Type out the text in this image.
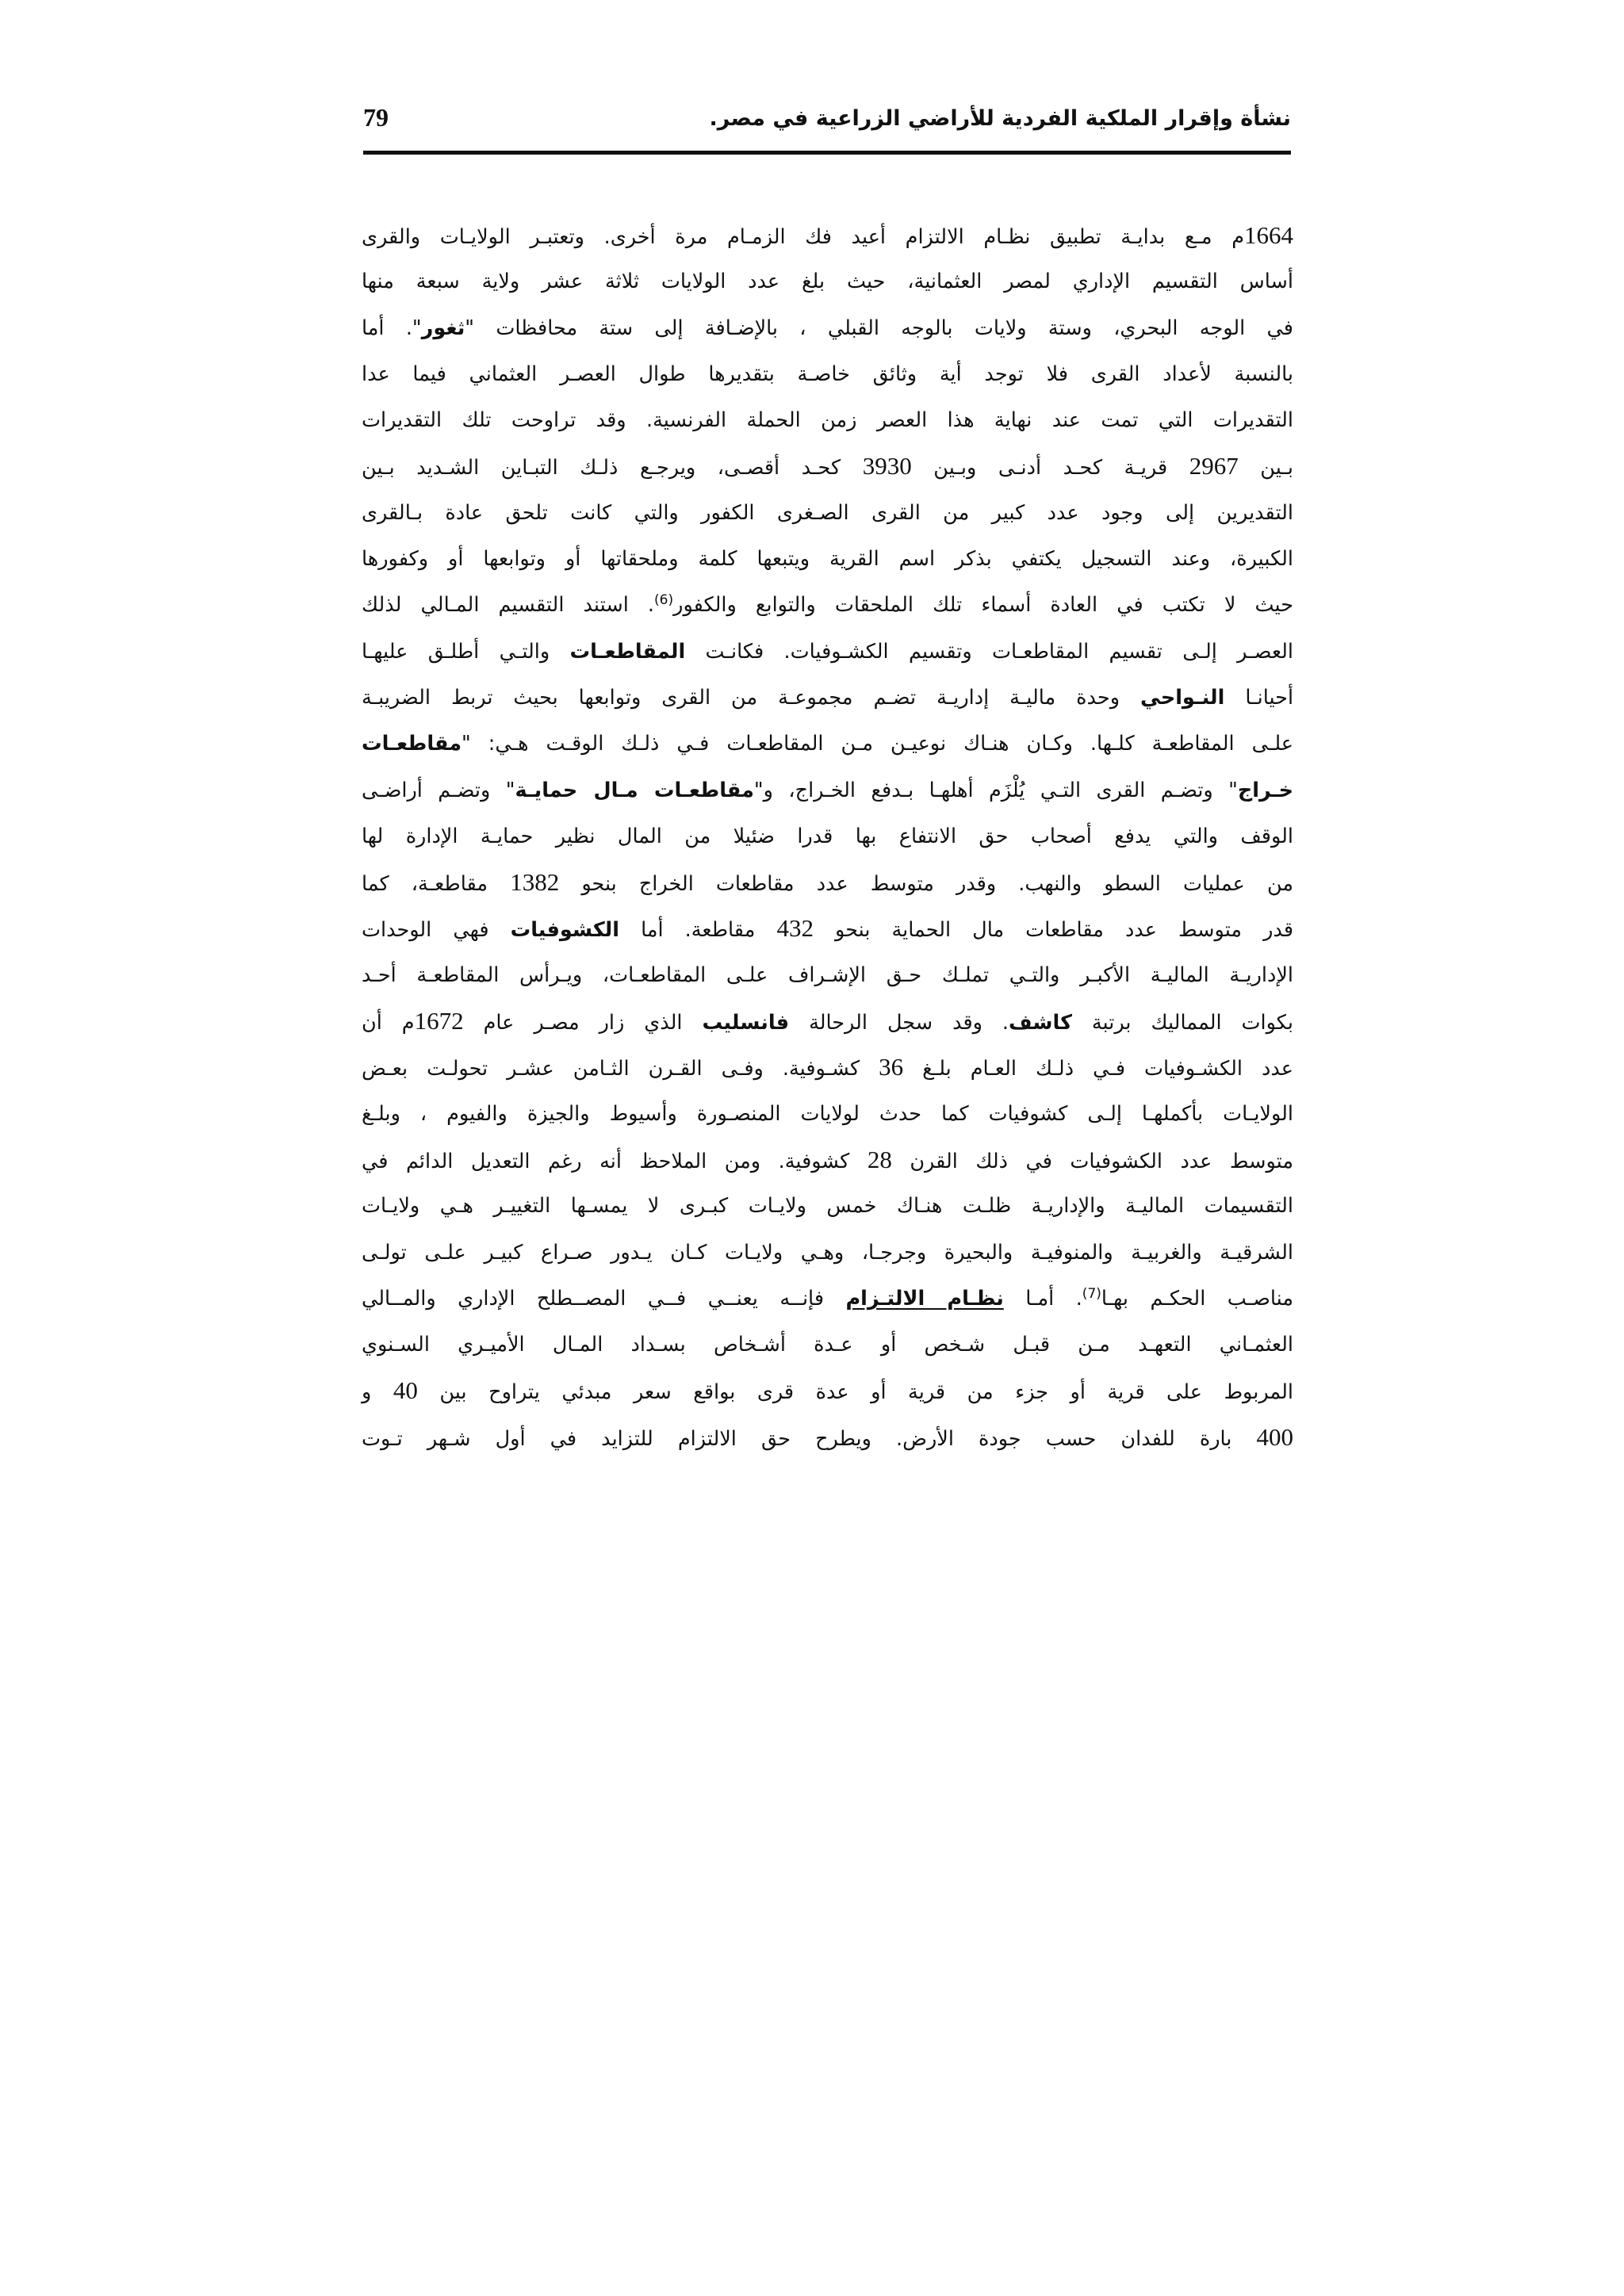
نشأة وإقرار الملكية الفردية للأراضي الزراعية في مصر.
79
1664م مـع بدايـة تطبيق نظـام الالتزام أعيد فك الزمـام مرة أخرى. وتعتبـر الولايـات والقرى
أساس التقسيم الإداري لمصر العثمانية، حيث بلغ عدد الولايات ثلاثة عشر ولاية سبعة منها
في الوجه البحري، وستة ولايات بالوجه القبلي ، بالإضـافة إلى ستة محافظات "ثغور". أما
بالنسبة لأعداد القرى فلا توجد أية وثائق خاصـة بتقديرها طوال العصـر العثماني فيما عدا
التقديرات التي تمت عند نهاية هذا العصر زمن الحملة الفرنسية. وقد تراوحت تلك التقديرات
بـين 2967 قريـة كحـد أدنـى وبـين 3930 كحـد أقصـى، ويرجـع ذلـك التبـاين الشـديد بـين
التقديرين إلى وجود عدد كبير من القرى الصـغرى الكفور والتي كانت تلحق عادة بـالقرى
الكبيرة، وعند التسجيل يكتفي بذكر اسم القرية ويتبعها كلمة وملحقاتها أو وتوابعها أو وكفورها
حيث لا تكتب في العادة أسماء تلك الملحقات والتوابع والكفور$^{(6)}$. استند التقسيم المـالي لذلك
العصـر إلـى تقسيم المقاطعـات وتقسيم الكشـوفيات. فكانـت المقاطعـات والتـي أطلـق عليهـا
أحيانـا النـواحي وحدة ماليـة إداريـة تضـم مجموعـة من القرى وتوابعها بحيث تربط الضريبـة
علـى المقاطعـة كلـها. وكـان هنـاك نوعيـن مـن المقاطعـات فـي ذلـك الوقـت هـي: "مقاطعـات
خـراج" وتضـم القرى التـي يُلْزَم أهلهـا بـدفع الخـراج، و"مقاطعـات مـال حمايـة" وتضـم أراضـى
الوقف والتي يدفع أصحاب حق الانتفاع بها قدرا ضئيلا من المال نظير حمايـة الإدارة لها
من عمليات السطو والنهب. وقدر متوسط عدد مقاطعات الخراج بنحو 1382 مقاطعـة، كما
قدر متوسط عدد مقاطعات مال الحماية بنحو 432 مقاطعة. أما الكشوفيات فهي الوحدات
الإداريـة الماليـة الأكبـر والتـي تملـك حـق الإشـراف علـى المقاطعـات، ويـرأس المقاطعـة أحـد
بكوات المماليك برتبة كاشف. وقد سجل الرحالة فانسليب الذي زار مصـر عام 1672م أن
عدد الكشـوفيات فـي ذلـك العـام بلـغ 36 كشـوفية. وفـى القـرن الثـامن عشـر تحولـت بعـض
الولايـات بأكملهـا إلـى كشوفيات كما حدث لولايات المنصـورة وأسيوط والجيزة والفيوم ، وبلـغ
متوسط عدد الكشوفيات في ذلك القرن 28 كشوفية. ومن الملاحظ أنه رغم التعديل الدائم في
التقسيمات الماليـة والإداريـة ظلـت هنـاك خمس ولايـات كبـرى لا يمسـها التغييـر هـي ولايـات
الشرقيـة والغربيـة والمنوفيـة والبحيرة وجرجـا، وهـي ولايـات كـان يـدور صـراع كبيـر علـى تولـى
مناصـب الحكـم بهـا$^{(7)}$. أمـا نظـام الالتـزام فإنــه يعنــي فــي المصــطلح الإداري والمــالي
العثمـاني التعهـد مـن قبـل شـخص أو عـدة أشـخاص بسـداد المـال الأميـري السـنوي
المربوط على قرية أو جزء من قرية أو عدة قرى بواقع سعر مبدئي يتراوح بين 40 و
400 بارة للفدان حسب جودة الأرض. ويطرح حق الالتزام للتزايد في أول شـهر تـوت
